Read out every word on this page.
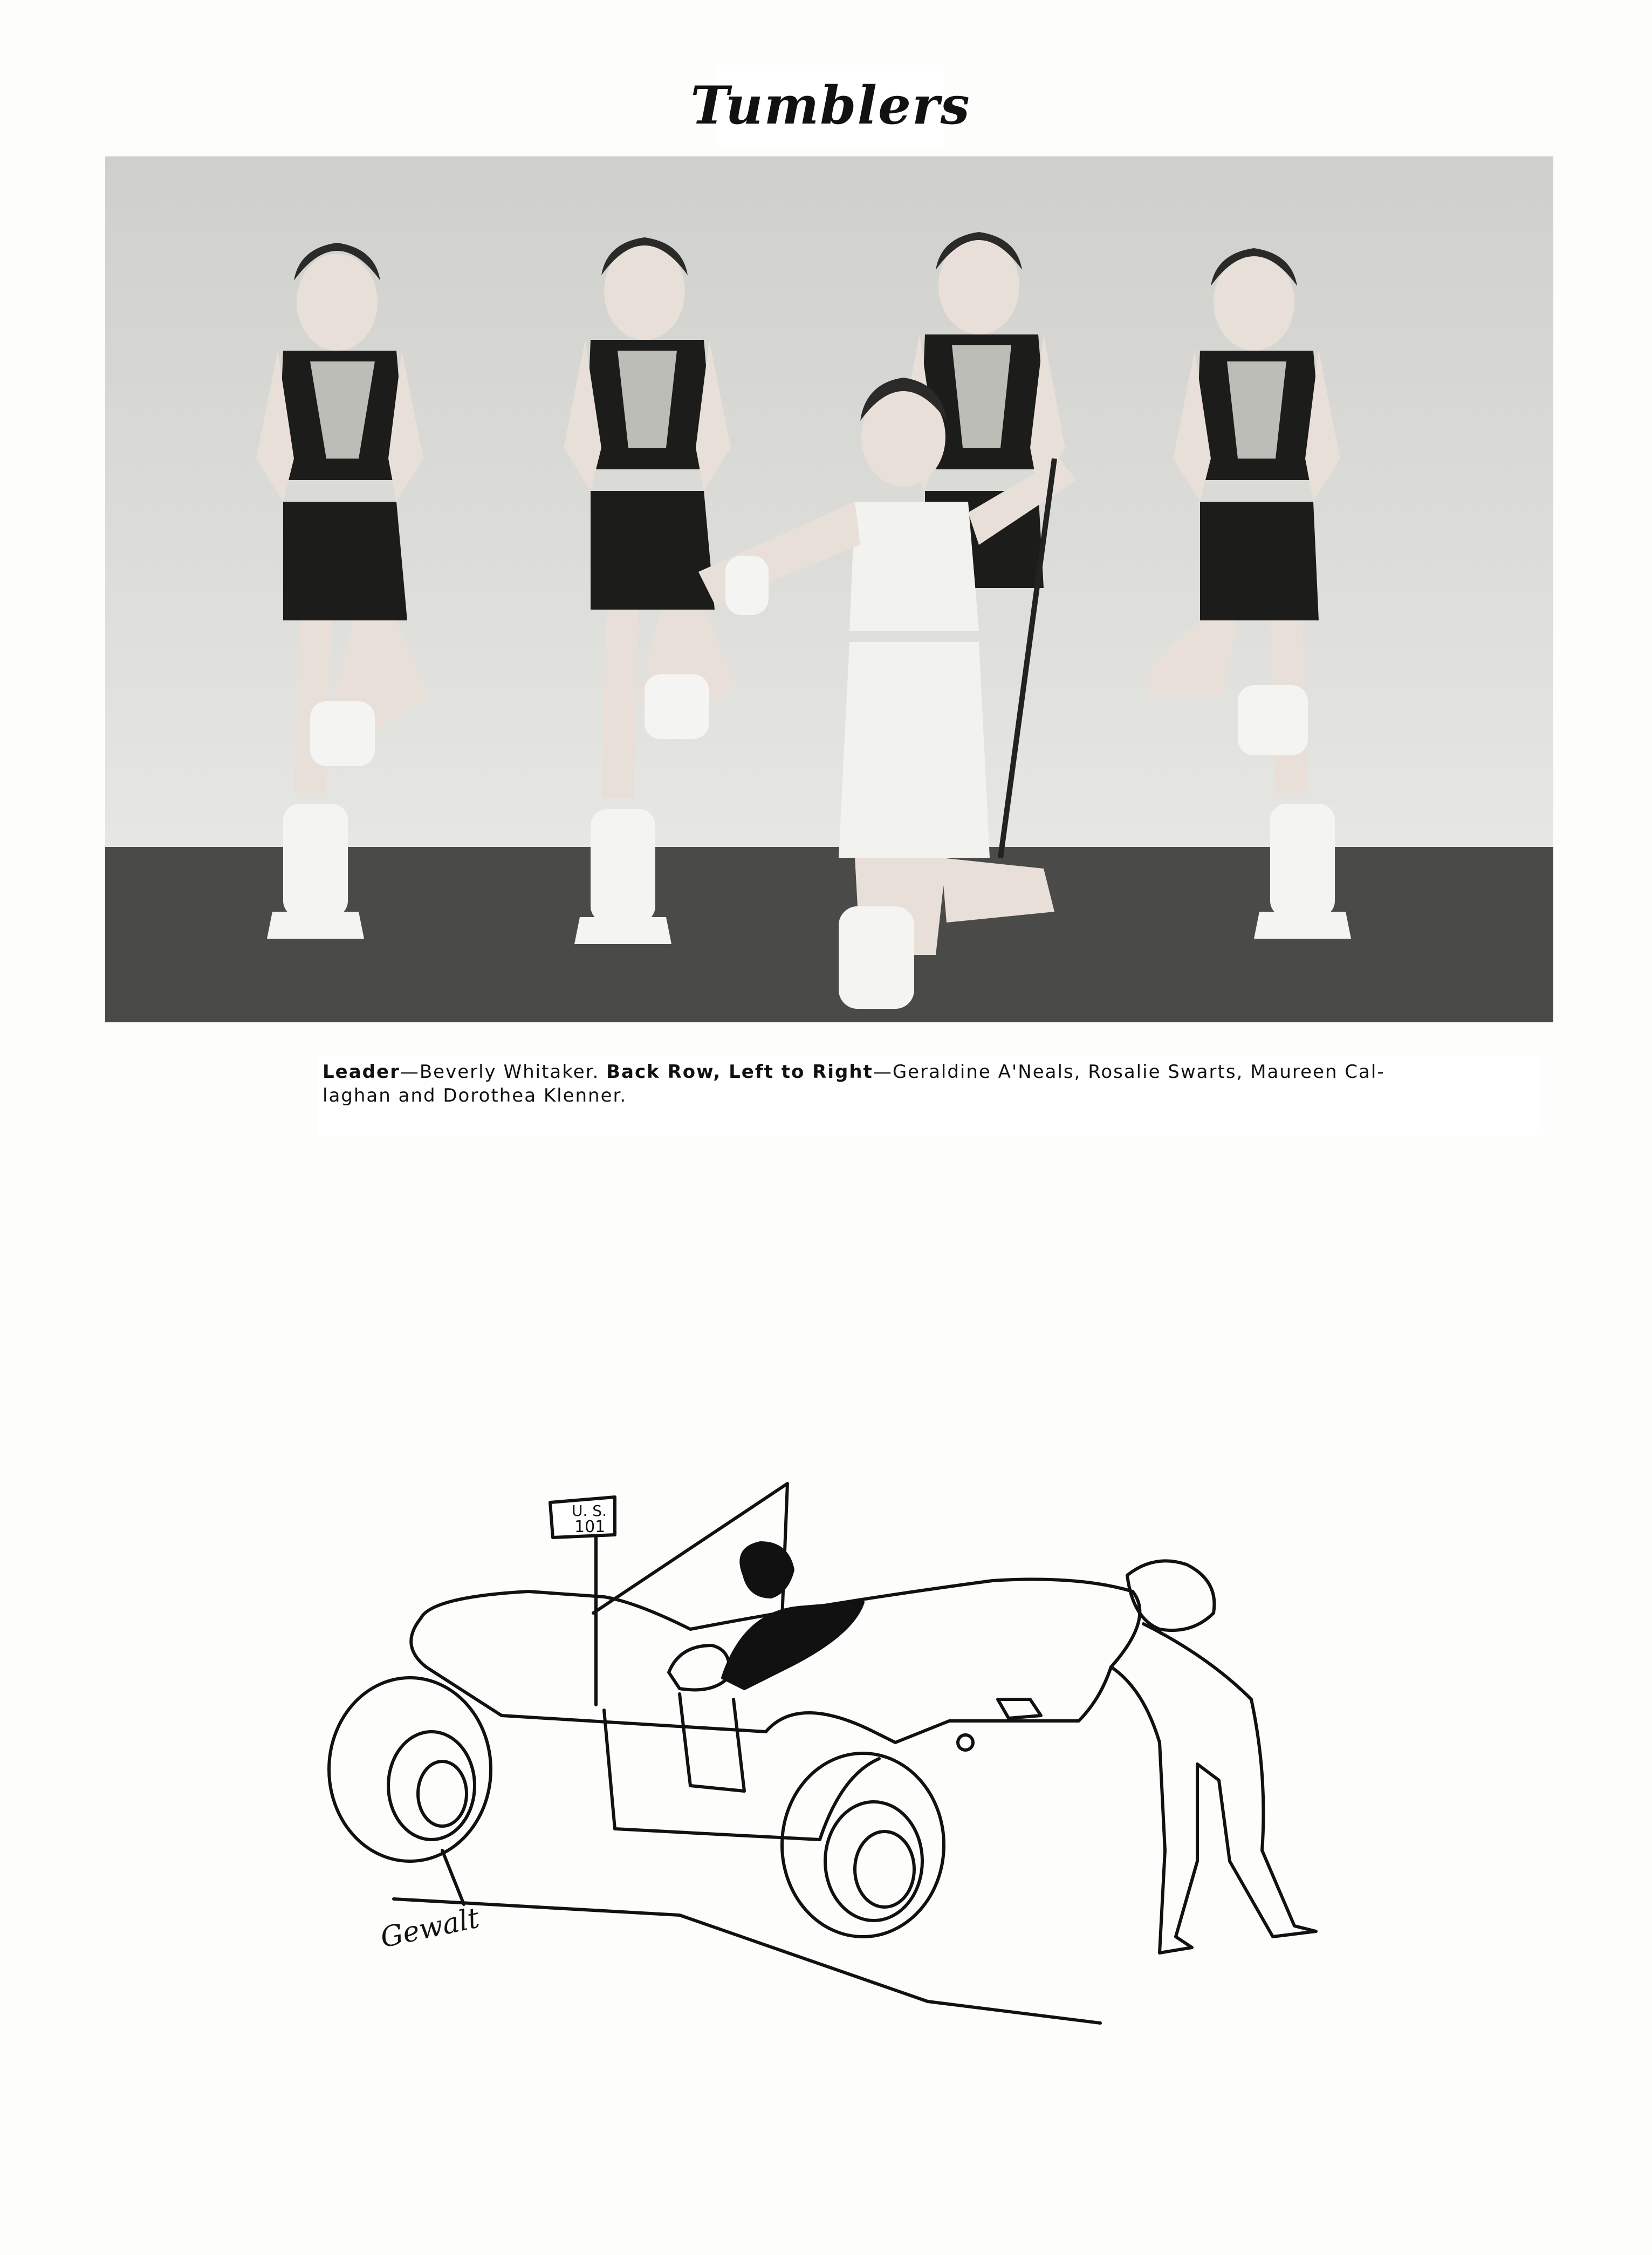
Tumblers
Leader—Beverly Whitaker. Back Row, Left to Right—Geraldine A'Neals, Rosalie Swarts, Maureen Cal-
laghan and Dorothea Klenner.
U. S.
101
Gewalt
